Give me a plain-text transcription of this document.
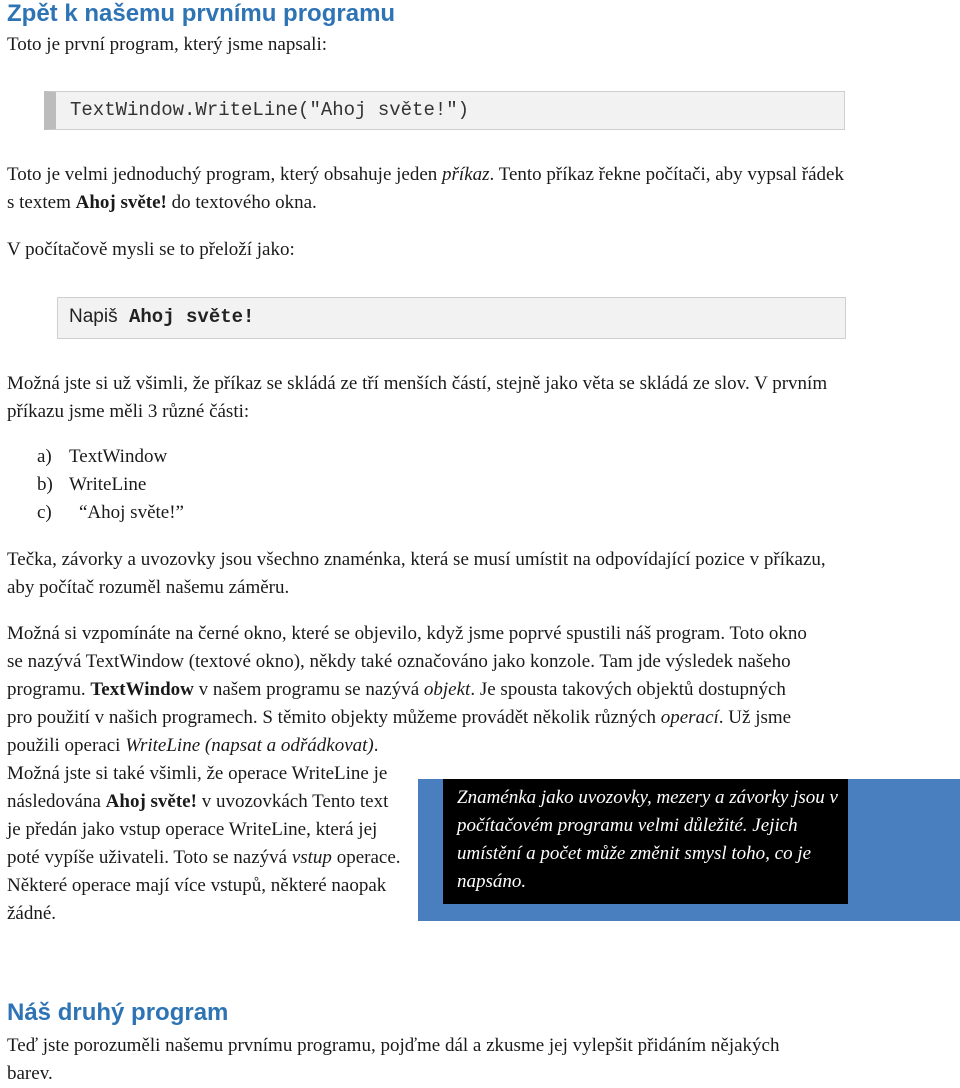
Zpět k našemu prvnímu programu

Toto je první program, který jsme napsali:

TextWindow.WriteLine("Ahoj světe!")

Toto je velmi jednoduchý program, který obsahuje jeden příkaz. Tento příkaz řekne počítači, aby vypsal řádek s textem Ahoj světe! do textového okna.

V počítačově mysli se to přeloží jako:

Napiš Ahoj světe!

Možná jste si už všimli, že příkaz se skládá ze tří menších částí, stejně jako věta se skládá ze slov. V prvním příkazu jsme měli 3 různé části:

a) TextWindow
b) WriteLine
c)	“Ahoj světe!”

Tečka, závorky a uvozovky jsou všechno znaménka, která se musí umístit na odpovídající pozice v příkazu, aby počítač rozuměl našemu záměru.

Možná si vzpomínáte na černé okno, které se objevilo, když jsme poprvé spustili náš program. Toto okno se nazývá TextWindow (textové okno), někdy také označováno jako konzole. Tam jde výsledek našeho programu. TextWindow v našem programu se nazývá objekt. Je spousta takových objektů dostupných pro použití v našich programech. S těmito objekty můžeme provádět několik různých operací. Už jsme použili operaci WriteLine (napsat a odřádkovat).

Možná jste si také všimli, že operace WriteLine je následována Ahoj světe! v uvozovkách Tento text je předán jako vstup operace WriteLine, která jej poté vypíše uživateli. Toto se nazývá vstup operace. Některé operace mají více vstupů, některé naopak žádné.

Znaménka jako uvozovky, mezery a závorky jsou v počítačovém programu velmi důležité. Jejich umístění a počet může změnit smysl toho, co je napsáno.

Náš druhý program

Teď jste porozuměli našemu prvnímu programu, pojďme dál a zkusme jej vylepšit přidáním nějakých barev.
